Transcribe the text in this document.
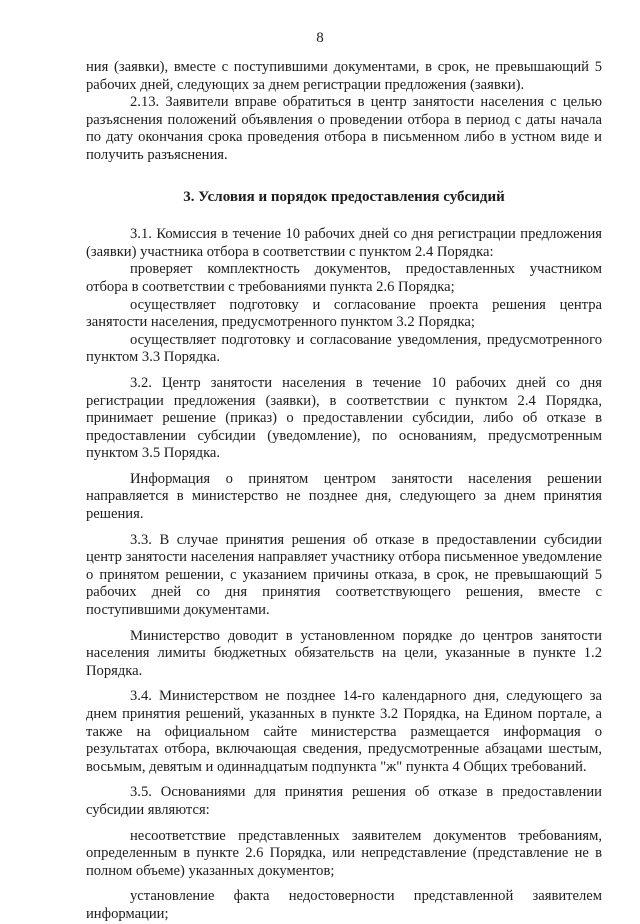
8

ния (заявки), вместе с поступившими документами, в срок, не превышающий 5 рабочих дней, следующих за днем регистрации предложения (заявки).

2.13. Заявители вправе обратиться в центр занятости населения с целью разъяснения положений объявления о проведении отбора в период с даты начала по дату окончания срока проведения отбора в письменном либо в устном виде и получить разъяснения.

3. Условия и порядок предоставления субсидий

3.1. Комиссия в течение 10 рабочих дней со дня регистрации предложения (заявки) участника отбора в соответствии с пунктом 2.4 Порядка:

проверяет комплектность документов, предоставленных участником отбора в соответствии с требованиями пункта 2.6 Порядка;

осуществляет подготовку и согласование проекта решения центра занятости населения, предусмотренного пунктом 3.2 Порядка;

осуществляет подготовку и согласование уведомления, предусмотренного пунктом 3.3 Порядка.

3.2. Центр занятости населения в течение 10 рабочих дней со дня регистрации предложения (заявки), в соответствии с пунктом 2.4 Порядка, принимает решение (приказ) о предоставлении субсидии, либо об отказе в предоставлении субсидии (уведомление), по основаниям, предусмотренным пунктом 3.5 Порядка.

Информация о принятом центром занятости населения решении направляется в министерство не позднее дня, следующего за днем принятия решения.

3.3. В случае принятия решения об отказе в предоставлении субсидии центр занятости населения направляет участнику отбора письменное уведомление о принятом решении, с указанием причины отказа, в срок, не превышающий 5 рабочих дней со дня принятия соответствующего решения, вместе с поступившими документами.

Министерство доводит в установленном порядке до центров занятости населения лимиты бюджетных обязательств на цели, указанные в пункте 1.2 Порядка.

3.4. Министерством не позднее 14-го календарного дня, следующего за днем принятия решений, указанных в пункте 3.2 Порядка, на Едином портале, а также на официальном сайте министерства размещается информация о результатах отбора, включающая сведения, предусмотренные абзацами шестым, восьмым, девятым и одиннадцатым подпункта "ж" пункта 4 Общих требований.

3.5. Основаниями для принятия решения об отказе в предоставлении субсидии являются:

несоответствие представленных заявителем документов требованиям, определенным в пункте 2.6 Порядка, или непредставление (представление не в полном объеме) указанных документов;

установление факта недостоверности представленной заявителем информации;
